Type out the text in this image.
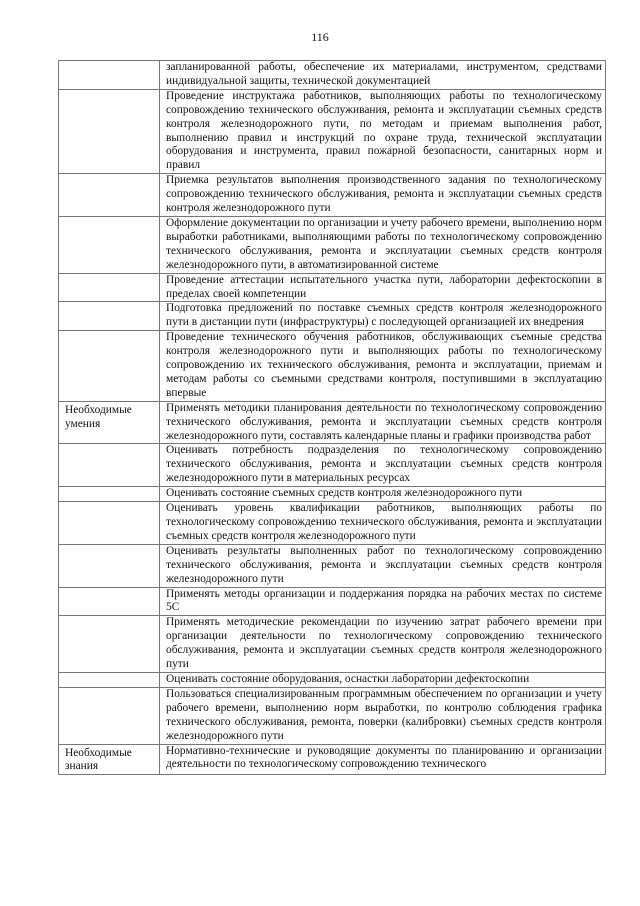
116
	запланированной работы, обеспечение их материалами, инструментом, средствами индивидуальной защиты, технической документацией
	Проведение инструктажа работников, выполняющих работы по технологическому сопровождению технического обслуживания, ремонта и эксплуатации съемных средств контроля железнодорожного пути, по методам и приемам выполнения работ, выполнению правил и инструкций по охране труда, технической эксплуатации оборудования и инструмента, правил пожарной безопасности, санитарных норм и правил
	Приемка результатов выполнения производственного задания по технологическому сопровождению технического обслуживания, ремонта и эксплуатации съемных средств контроля железнодорожного пути
	Оформление документации по организации и учету рабочего времени, выполнению норм выработки работниками, выполняющими работы по технологическому сопровождению технического обслуживания, ремонта и эксплуатации съемных средств контроля железнодорожного пути, в автоматизированной системе
	Проведение аттестации испытательного участка пути, лаборатории дефектоскопии в пределах своей компетенции
	Подготовка предложений по поставке съемных средств контроля железнодорожного пути в дистанции пути (инфраструктуры) с последующей организацией их внедрения
	Проведение технического обучения работников, обслуживающих съемные средства контроля железнодорожного пути и выполняющих работы по технологическому сопровождению их технического обслуживания, ремонта и эксплуатации, приемам и методам работы со съемными средствами контроля, поступившими в эксплуатацию впервые
Необходимые умения	Применять методики планирования деятельности по технологическому сопровождению технического обслуживания, ремонта и эксплуатации съемных средств контроля железнодорожного пути, составлять календарные планы и графики производства работ
	Оценивать потребность подразделения по технологическому сопровождению технического обслуживания, ремонта и эксплуатации съемных средств контроля железнодорожного пути в материальных ресурсах
	Оценивать состояние съемных средств контроля железнодорожного пути
	Оценивать уровень квалификации работников, выполняющих работы по технологическому сопровождению технического обслуживания, ремонта и эксплуатации съемных средств контроля железнодорожного пути
	Оценивать результаты выполненных работ по технологическому сопровождению технического обслуживания, ремонта и эксплуатации съемных средств контроля железнодорожного пути
	Применять методы организации и поддержания порядка на рабочих местах по системе 5С
	Применять методические рекомендации по изучению затрат рабочего времени при организации деятельности по технологическому сопровождению технического обслуживания, ремонта и эксплуатации съемных средств контроля железнодорожного пути
	Оценивать состояние оборудования, оснастки лаборатории дефектоскопии
	Пользоваться специализированным программным обеспечением по организации и учету рабочего времени, выполнению норм выработки, по контролю соблюдения графика технического обслуживания, ремонта, поверки (калибровки) съемных средств контроля железнодорожного пути
Необходимые знания	Нормативно-технические и руководящие документы по планированию и организации деятельности по технологическому сопровождению технического
